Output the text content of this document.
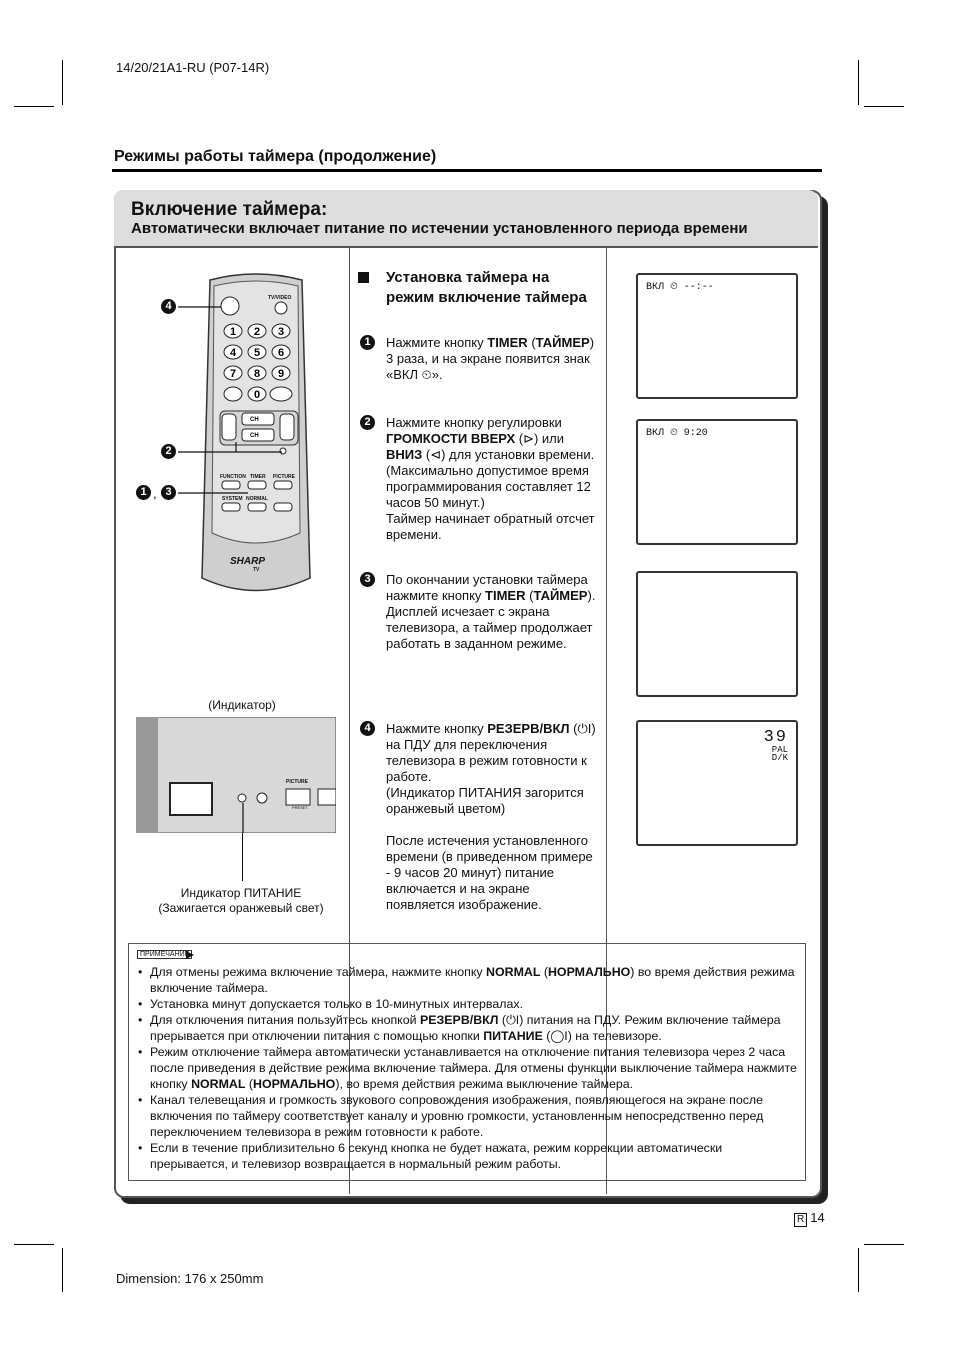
14/20/21A1-RU (P07-14R)
Режимы работы таймера (продолжение)
Включение таймера:
Автоматически включает питание по истечении установленного периода времени
1 2 3
4 5 6
7 8 9
0
CH
CH
4
2
1 , 3
TV/VIDEO
FUNCTION TIMER PICTURE
SYSTEM NORMAL
SHARP
TV
(Индикатор)
PICTURE
PRESET
Индикатор ПИТАНИЕ
(Зажигается оранжевый свет)
Установка таймера на режим включение таймера
1	Нажмите кнопку TIMER (ТАЙМЕР) 3 раза, и на экране появится знак «ВКЛ ⏲».
2	Нажмите кнопку регулировки ГРОМКОСТИ ВВЕРХ (⊳) или ВНИЗ (⊲) для установки времени.
(Максимально допустимое время программирования составляет 12 часов 50 минут.)
Таймер начинает обратный отсчет времени.
3	По окончании установки таймера нажмите кнопку TIMER (ТАЙМЕР). Дисплей исчезает с экрана телевизора, а таймер продолжает работать в заданном режиме.
4	Нажмите кнопку РЕЗЕРВ/ВКЛ (⏻I) на ПДУ для переключения телевизора в режим готовности к работе.
(Индикатор ПИТАНИЯ загорится оранжевый цветом)

После истечения установленного времени (в приведенном примере - 9 часов 20 минут) питание включается и на экране появляется изображение.
ВКЛ ⏲ --:--
ВКЛ ⏲ 9:20
39
PAL
D/K
ПРИМЕЧАНИЕ
• Для отмены режима включение таймера, нажмите кнопку NORMAL (НОРМАЛЬНО) во время действия режима включение таймера.
• Установка минут допускается только в 10-минутных интервалах.
• Для отключения питания пользуйтесь кнопкой РЕЗЕРВ/ВКЛ (⏻I) питания на ПДУ. Режим включение таймера прерывается при отключении питания с помощью кнопки ПИТАНИЕ (◯I) на телевизоре.
• Режим отключение таймера автоматически устанавливается на отключение питания телевизора через 2 часа после приведения в действие режима включение таймера. Для отмены функции выключение таймера нажмите кнопку NORMAL (НОРМАЛЬНО), во время действия режима выключение таймера.
• Канал телевещания и громкость звукового сопровождения изображения, появляющегося на экране после включения по таймеру соответствует каналу и уровню громкости, установленным непосредственно перед переключением телевизора в режим готовности к работе.
• Если в течение приблизительно 6 секунд кнопка не будет нажата, режим коррекции автоматически прерывается, и телевизор возвращается в нормальный режим работы.
R 14
Dimension: 176 x 250mm
